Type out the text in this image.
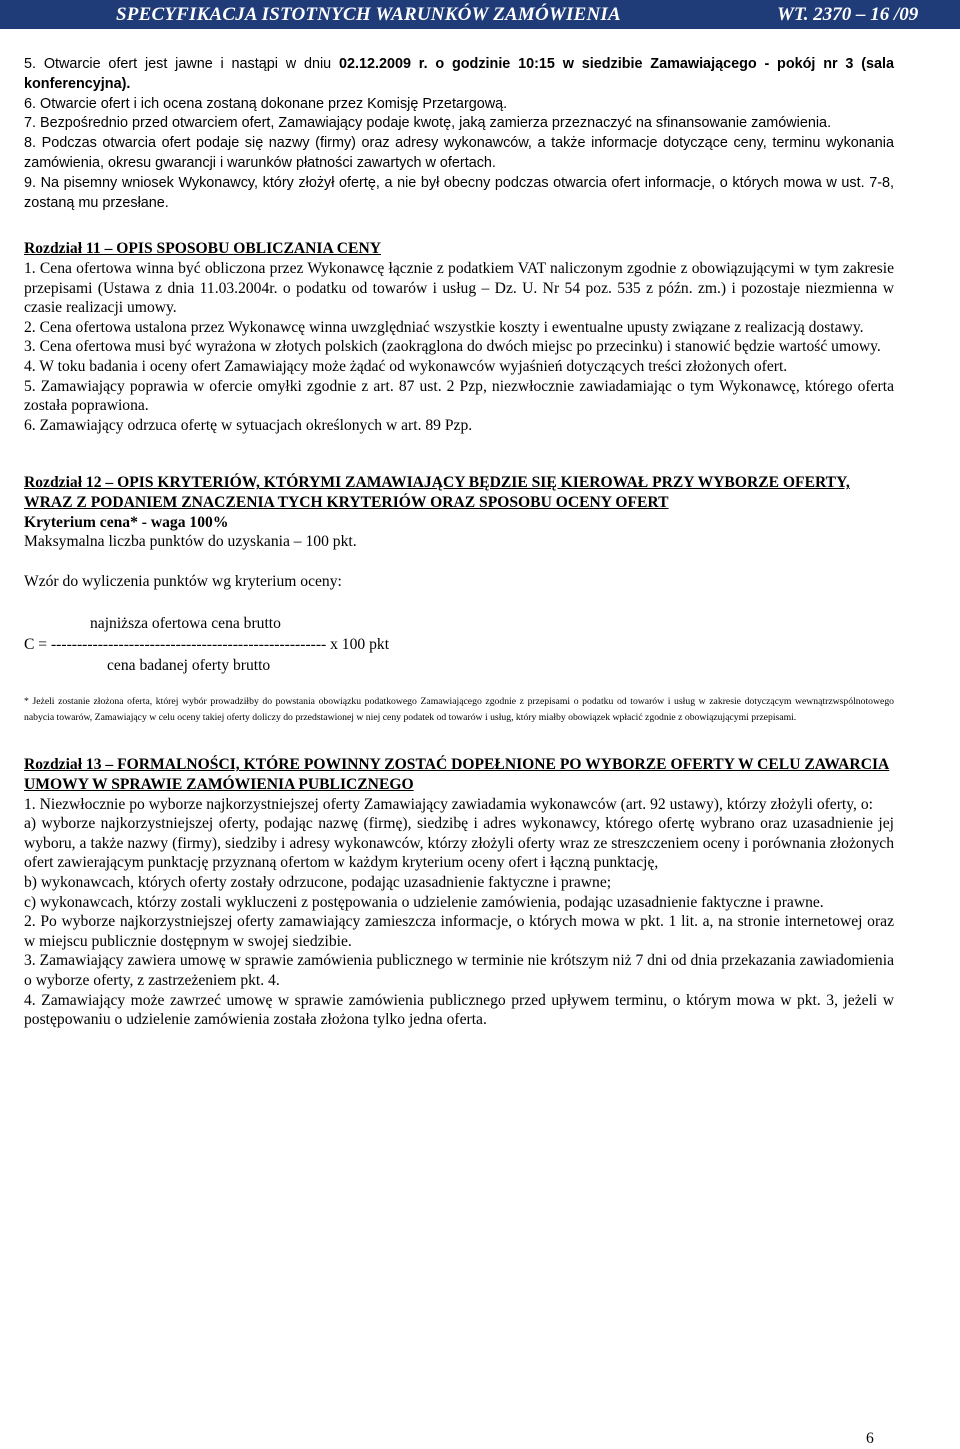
SPECYFIKACJA ISTOTNYCH WARUNKÓW ZAMÓWIENIA	WT. 2370 – 16 /09

5. Otwarcie ofert jest jawne i nastąpi w dniu 02.12.2009 r. o godzinie 10:15 w siedzibie Zamawiającego - pokój nr 3 (sala konferencyjna).

6. Otwarcie ofert i ich ocena zostaną dokonane przez Komisję Przetargową.

7. Bezpośrednio przed otwarciem ofert, Zamawiający podaje kwotę, jaką zamierza przeznaczyć na sfinansowanie zamówienia.

8. Podczas otwarcia ofert podaje się nazwy (firmy) oraz adresy wykonawców, a także informacje dotyczące ceny, terminu wykonania zamówienia, okresu gwarancji i warunków płatności zawartych w ofertach.

9. Na pisemny wniosek Wykonawcy, który złożył ofertę, a nie był obecny podczas otwarcia ofert informacje, o których mowa w ust. 7-8, zostaną mu przesłane.

Rozdział 11 – OPIS SPOSOBU OBLICZANIA CENY

1. Cena ofertowa winna być obliczona przez Wykonawcę łącznie z podatkiem VAT naliczonym zgodnie z obowiązującymi w tym zakresie przepisami (Ustawa z dnia 11.03.2004r. o podatku od towarów i usług – Dz. U. Nr 54 poz. 535 z późn. zm.) i pozostaje niezmienna w czasie realizacji umowy.

2. Cena ofertowa ustalona przez Wykonawcę winna uwzględniać wszystkie koszty i ewentualne upusty związane z realizacją dostawy.

3. Cena ofertowa musi być wyrażona w złotych polskich (zaokrąglona do dwóch miejsc po przecinku) i stanowić będzie wartość umowy.

4. W toku badania i oceny ofert Zamawiający może żądać od wykonawców wyjaśnień dotyczących treści złożonych ofert.

5. Zamawiający poprawia w ofercie omyłki zgodnie z art. 87 ust. 2 Pzp, niezwłocznie zawiadamiając o tym Wykonawcę, którego oferta została poprawiona.

6. Zamawiający odrzuca ofertę w sytuacjach określonych w art. 89 Pzp.

Rozdział 12 – OPIS KRYTERIÓW, KTÓRYMI ZAMAWIAJĄCY BĘDZIE SIĘ KIEROWAŁ PRZY WYBORZE OFERTY, WRAZ Z PODANIEM ZNACZENIA TYCH KRYTERIÓW ORAZ SPOSOBU OCENY OFERT

Kryterium cena* - waga 100%

Maksymalna liczba punktów do uzyskania – 100 pkt.

Wzór do wyliczenia punktów wg kryterium oceny:

najniższa ofertowa cena brutto
C = ----------------------------------------------------- x 100 pkt
cena badanej oferty brutto

* Jeżeli zostanie złożona oferta, której wybór prowadziłby do powstania obowiązku podatkowego Zamawiającego zgodnie z przepisami o podatku od towarów i usług w zakresie dotyczącym wewnątrzwspólnotowego nabycia towarów, Zamawiający w celu oceny takiej oferty doliczy do przedstawionej w niej ceny podatek od towarów i usług, który miałby obowiązek wpłacić zgodnie z obowiązującymi przepisami.

Rozdział 13 – FORMALNOŚCI, KTÓRE POWINNY ZOSTAĆ DOPEŁNIONE PO WYBORZE OFERTY W CELU ZAWARCIA UMOWY W SPRAWIE ZAMÓWIENIA PUBLICZNEGO

1. Niezwłocznie po wyborze najkorzystniejszej oferty Zamawiający zawiadamia wykonawców (art. 92 ustawy), którzy złożyli oferty, o:

a) wyborze najkorzystniejszej oferty, podając nazwę (firmę), siedzibę i adres wykonawcy, którego ofertę wybrano oraz uzasadnienie jej wyboru, a także nazwy (firmy), siedziby i adresy wykonawców, którzy złożyli oferty wraz ze streszczeniem oceny i porównania złożonych ofert zawierającym punktację przyznaną ofertom w każdym kryterium oceny ofert i łączną punktację,

b) wykonawcach, których oferty zostały odrzucone, podając uzasadnienie faktyczne i prawne;

c) wykonawcach, którzy zostali wykluczeni z postępowania o udzielenie zamówienia, podając uzasadnienie faktyczne i prawne.

2. Po wyborze najkorzystniejszej oferty zamawiający zamieszcza informacje, o których mowa w pkt. 1 lit. a, na stronie internetowej oraz w miejscu publicznie dostępnym w swojej siedzibie.

3. Zamawiający zawiera umowę w sprawie zamówienia publicznego w terminie nie krótszym niż 7 dni od dnia przekazania zawiadomienia o wyborze oferty, z zastrzeżeniem pkt. 4.

4. Zamawiający może zawrzeć umowę w sprawie zamówienia publicznego przed upływem terminu, o którym mowa w pkt. 3, jeżeli w postępowaniu o udzielenie zamówienia została złożona tylko jedna oferta.

6
